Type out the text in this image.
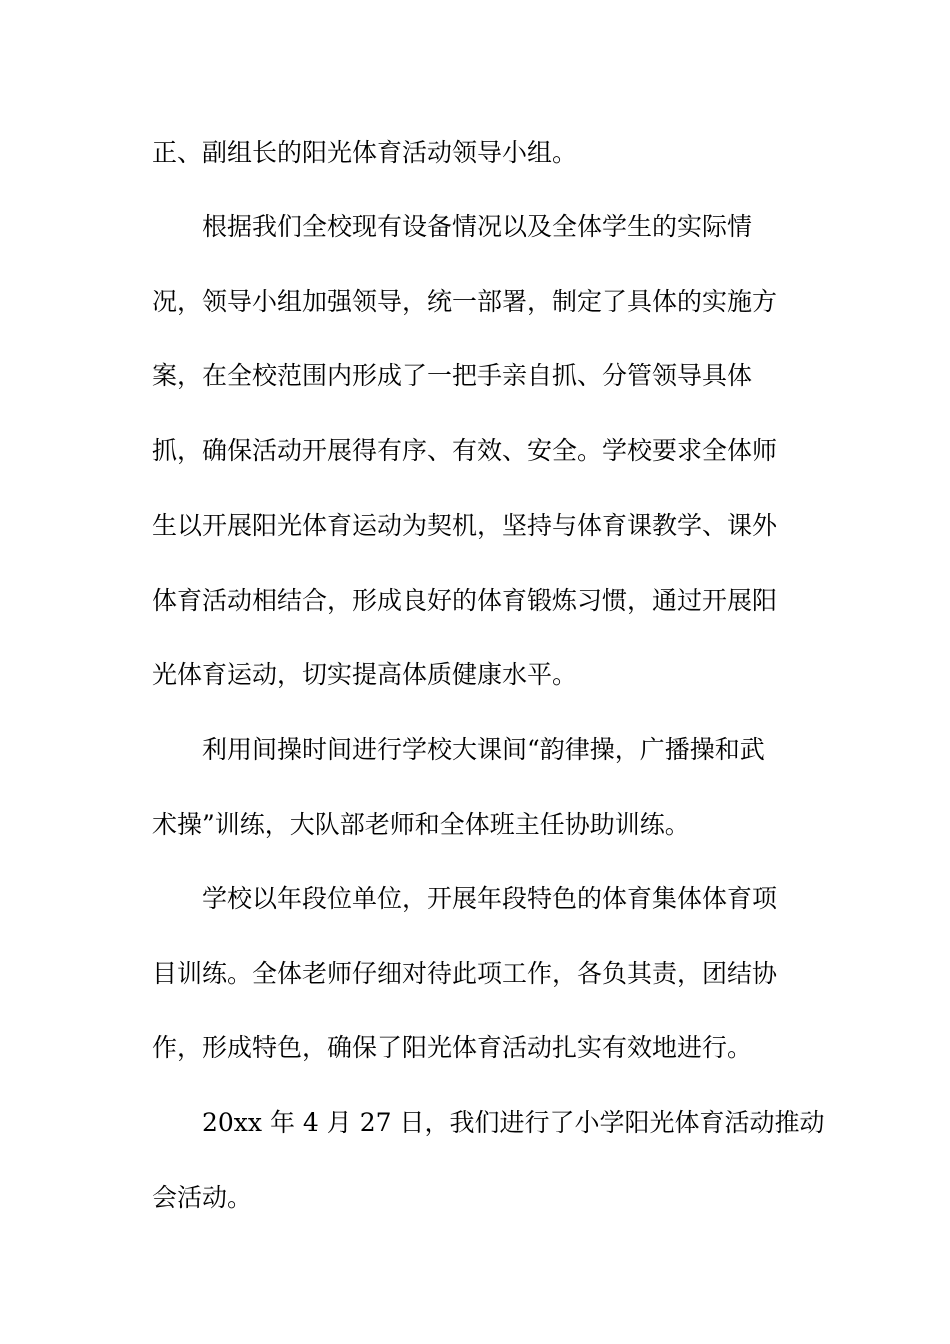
正、副组长的阳光体育活动领导小组。
根据我们全校现有设备情况以及全体学生的实际情
况，领导小组加强领导，统一部署，制定了具体的实施方
案，在全校范围内形成了一把手亲自抓、分管领导具体
抓，确保活动开展得有序、有效、安全。学校要求全体师
生以开展阳光体育运动为契机，坚持与体育课教学、课外
体育活动相结合，形成良好的体育锻炼习惯，通过开展阳
光体育运动，切实提高体质健康水平。
利用间操时间进行学校大课间“韵律操，广播操和武
术操”训练，大队部老师和全体班主任协助训练。
学校以年段位单位，开展年段特色的体育集体体育项
目训练。全体老师仔细对待此项工作，各负其责，团结协
作，形成特色，确保了阳光体育活动扎实有效地进行。
20xx 年 4 月 27 日，我们进行了小学阳光体育活动推动
会活动。
